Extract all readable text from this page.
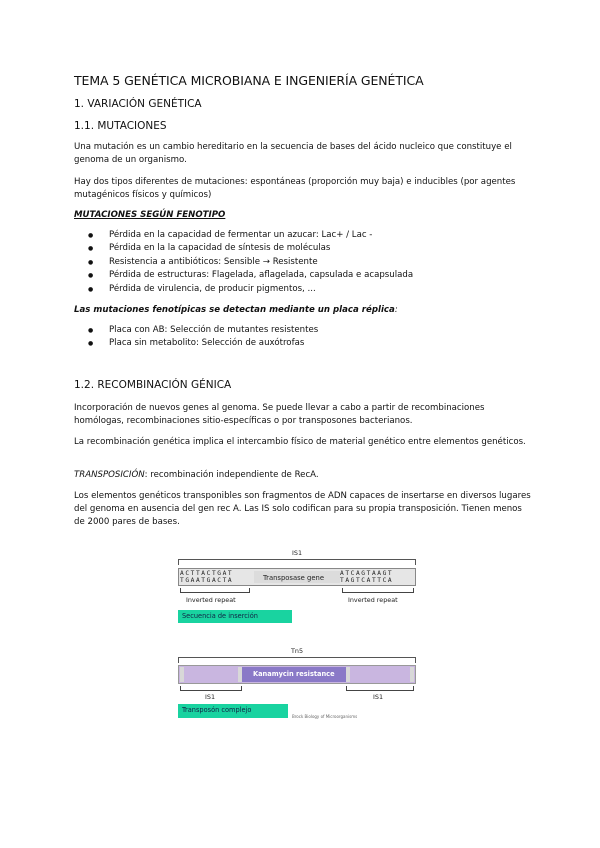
TEMA 5 GENÉTICA MICROBIANA E INGENIERÍA GENÉTICA
1. VARIACIÓN GENÉTICA
1.1. MUTACIONES

Una mutación es un cambio hereditario en la secuencia de bases del ácido nucleico que constituye el genoma de un organismo.

Hay dos tipos diferentes de mutaciones: espontáneas (proporción muy baja) e inducibles (por agentes mutagénicos físicos y químicos)

MUTACIONES SEGÚN FENOTIPO
● Pérdida en la capacidad de fermentar un azucar: Lac+ / Lac -
● Pérdida en la la capacidad de síntesis de moléculas
● Resistencia a antibióticos: Sensible → Resistente
● Pérdida de estructuras: Flagelada, aflagelada, capsulada e acapsulada
● Pérdida de virulencia, de producir pigmentos, ...
Las mutaciones fenotípicas se detectan mediante un placa réplica:
● Placa con AB: Selección de mutantes resistentes
● Placa sin metabolito: Selección de auxótrofas
1.2. RECOMBINACIÓN GÉNICA

Incorporación de nuevos genes al genoma. Se puede llevar a cabo a partir de recombinaciones homólogas, recombinaciones sitio-específicas o por transposones bacterianos.

La recombinación genética implica el intercambio físico de material genético entre elementos genéticos.

TRANSPOSICIÓN: recombinación independiente de RecA.

Los elementos genéticos transponibles son fragmentos de ADN capaces de insertarse en diversos lugares del genoma en ausencia del gen rec A. Las IS solo codifican para su propia transposición. Tienen menos de 2000 pares de bases.

IS1
ACTTACTGAT
TGAATGACTA	Transposase gene
ATCAGTAAGT
TAGTCATTCA
Inverted repeat	Inverted repeat
Secuencia de inserción
Tn5
Kanamycin resistance
IS1	IS1
Transposón complejo
Brock Biology of Microorganisms
